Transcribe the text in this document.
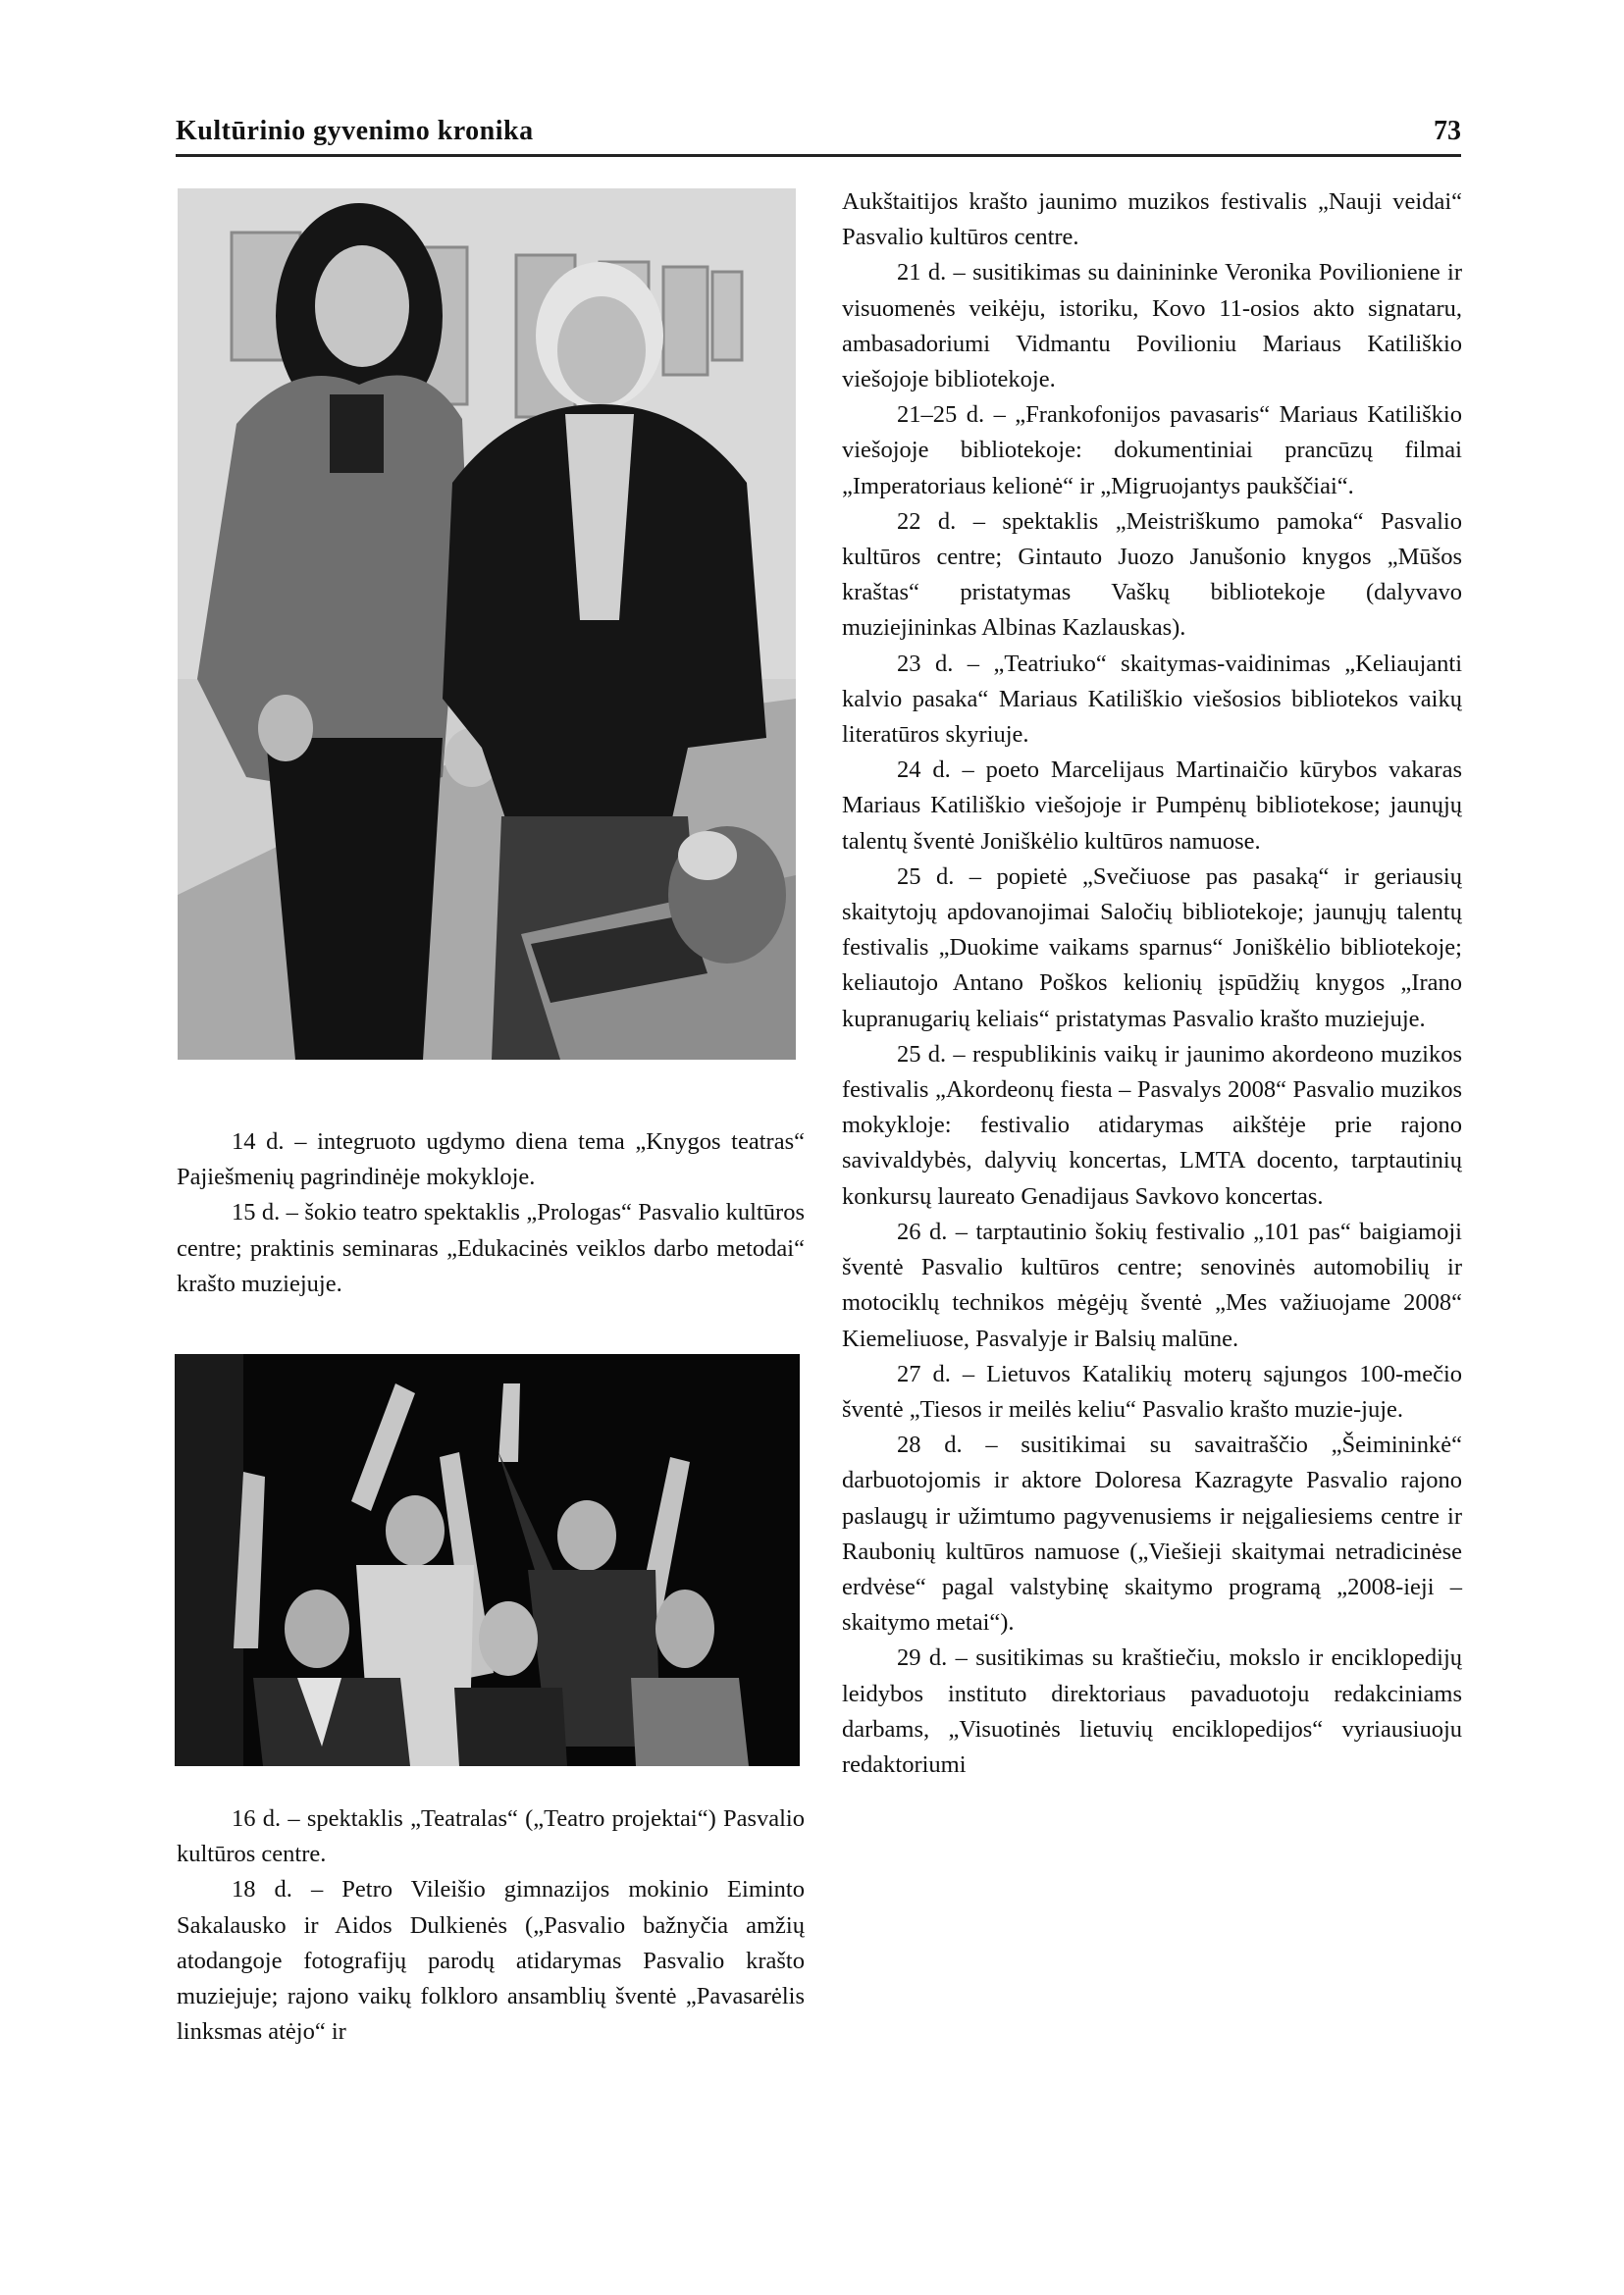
Kultūrinio gyvenimo kronika	73

14 d. – integruoto ugdymo diena tema „Knygos teatras“ Pajiešmenių pagrindinėje mokykloje.

15 d. – šokio teatro spektaklis „Prologas“ Pasvalio kultūros centre; praktinis seminaras „Edukacinės veiklos darbo metodai“ krašto muziejuje.

16 d. – spektaklis „Teatralas“ („Teatro projektai“) Pasvalio kultūros centre.

18 d. – Petro Vileišio gimnazijos mokinio Eiminto Sakalausko ir Aidos Dulkienės („Pasvalio bažnyčia amžių atodangoje fotografijų parodų atidarymas Pasvalio krašto muziejuje; rajono vaikų folkloro ansamblių šventė „Pavasarėlis linksmas atėjo“ ir

Aukštaitijos krašto jaunimo muzikos festivalis „Nauji veidai“ Pasvalio kultūros centre.

21 d. – susitikimas su dainininke Veronika Povilioniene ir visuomenės veikėju, istoriku, Kovo 11-osios akto signataru, ambasadoriumi Vidmantu Povilioniu Mariaus Katiliškio viešojoje bibliotekoje.

21–25 d. – „Frankofonijos pavasaris“ Mariaus Katiliškio viešojoje bibliotekoje: dokumentiniai prancūzų filmai „Imperatoriaus kelionė“ ir „Migruojantys paukščiai“.

22 d. – spektaklis „Meistriškumo pamoka“ Pasvalio kultūros centre; Gintauto Juozo Janušonio knygos „Mūšos kraštas“ pristatymas Vaškų bibliotekoje (dalyvavo muziejininkas Albinas Kazlauskas).

23 d. – „Teatriuko“ skaitymas-vaidinimas „Keliaujanti kalvio pasaka“ Mariaus Katiliškio viešosios bibliotekos vaikų literatūros skyriuje.

24 d. – poeto Marcelijaus Martinaičio kūrybos vakaras Mariaus Katiliškio viešojoje ir Pumpėnų bibliotekose; jaunųjų talentų šventė Joniškėlio kultūros namuose.

25 d. – popietė „Svečiuose pas pasaką“ ir geriausių skaitytojų apdovanojimai Saločių bibliotekoje; jaunųjų talentų festivalis „Duokime vaikams sparnus“ Joniškėlio bibliotekoje; keliautojo Antano Poškos kelionių įspūdžių knygos „Irano kupranugarių keliais“ pristatymas Pasvalio krašto muziejuje.

25 d. – respublikinis vaikų ir jaunimo akordeono muzikos festivalis „Akordeonų fiesta – Pasvalys 2008“ Pasvalio muzikos mokykloje: festivalio atidarymas aikštėje prie rajono savivaldybės, dalyvių koncertas, LMTA docento, tarptautinių konkursų laureato Genadijaus Savkovo koncertas.

26 d. – tarptautinio šokių festivalio „101 pas“ baigiamoji šventė Pasvalio kultūros centre; senovinės automobilių ir motociklų technikos mėgėjų šventė „Mes važiuojame 2008“ Kiemeliuose, Pasvalyje ir Balsių malūne.

27 d. – Lietuvos Katalikių moterų sąjungos 100-mečio šventė „Tiesos ir meilės keliu“ Pasvalio krašto muzie-juje.

28 d. – susitikimai su savaitraščio „Šeimininkė“ darbuotojomis ir aktore Doloresa Kazragyte Pasvalio rajono paslaugų ir užimtumo pagyvenusiems ir neįgaliesiems centre ir Raubonių kultūros namuose („Viešieji skaitymai netradicinėse erdvėse“ pagal valstybinę skaitymo programą „2008-ieji –skaitymo metai“).

29 d. – susitikimas su kraštiečiu, mokslo ir enciklopedijų leidybos instituto direktoriaus pavaduotoju redakciniams darbams, „Visuotinės lietuvių enciklopedijos“ vyriausiuoju redaktoriumi
